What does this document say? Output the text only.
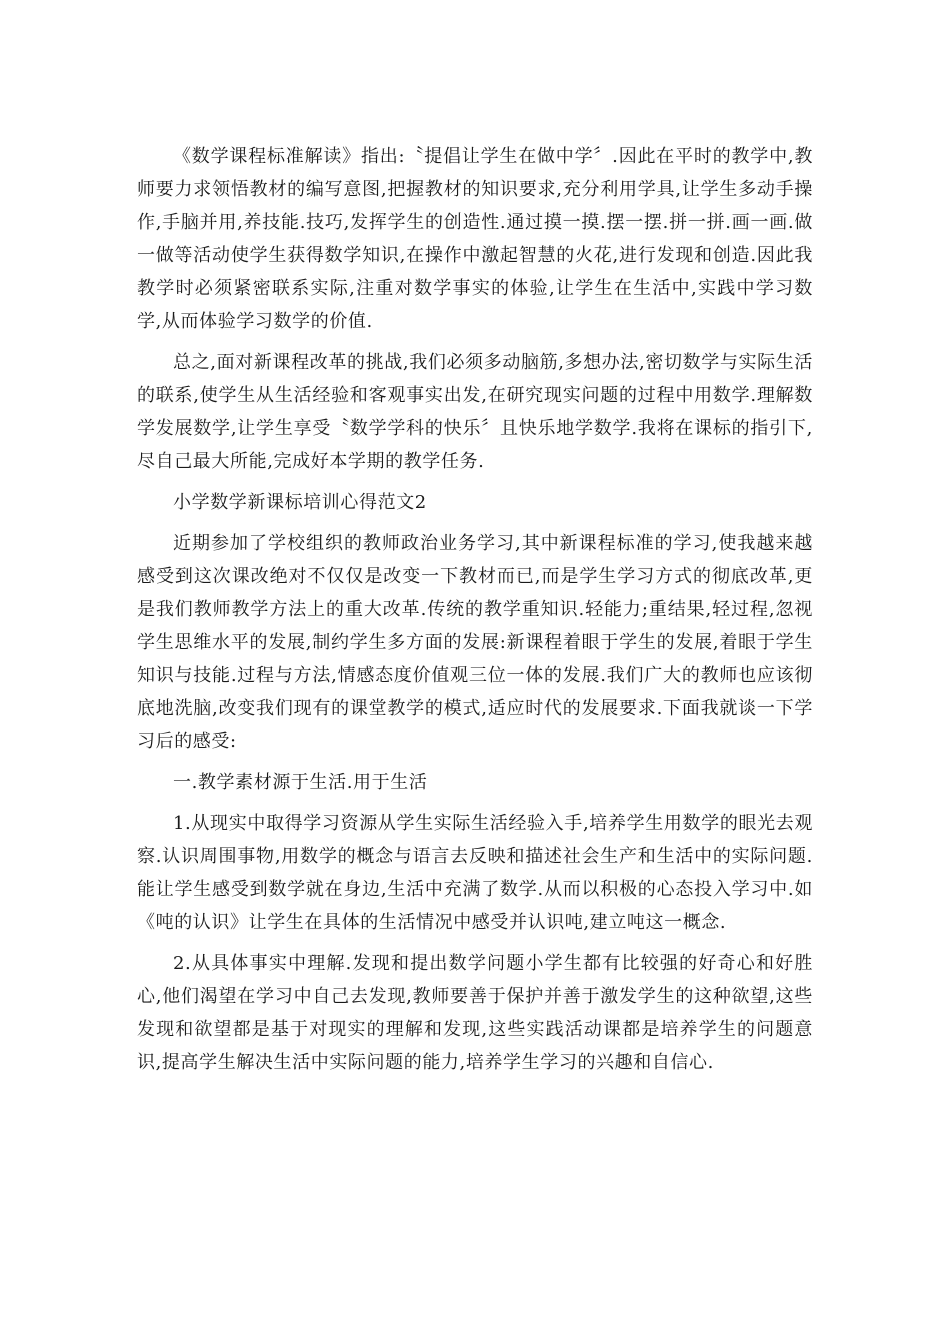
《数学课程标准解读》指出:〝提倡让学生在做中学〞.因此在平时的教学中,教师要力求领悟教材的编写意图,把握教材的知识要求,充分利用学具,让学生多动手操作,手脑并用,养技能.技巧,发挥学生的创造性.通过摸一摸.摆一摆.拼一拼.画一画.做一做等活动使学生获得数学知识,在操作中激起智慧的火花,进行发现和创造.因此我教学时必须紧密联系实际,注重对数学事实的体验,让学生在生活中,实践中学习数学,从而体验学习数学的价值.

总之,面对新课程改革的挑战,我们必须多动脑筋,多想办法,密切数学与实际生活的联系,使学生从生活经验和客观事实出发,在研究现实问题的过程中用数学.理解数学发展数学,让学生享受〝数学学科的快乐〞且快乐地学数学.我将在课标的指引下,尽自己最大所能,完成好本学期的教学任务.

小学数学新课标培训心得范文2

近期参加了学校组织的教师政治业务学习,其中新课程标准的学习,使我越来越感受到这次课改绝对不仅仅是改变一下教材而已,而是学生学习方式的彻底改革,更是我们教师教学方法上的重大改革.传统的教学重知识.轻能力;重结果,轻过程,忽视学生思维水平的发展,制约学生多方面的发展:新课程着眼于学生的发展,着眼于学生知识与技能.过程与方法,情感态度价值观三位一体的发展.我们广大的教师也应该彻底地洗脑,改变我们现有的课堂教学的模式,适应时代的发展要求.下面我就谈一下学习后的感受:

一.教学素材源于生活.用于生活

1.从现实中取得学习资源从学生实际生活经验入手,培养学生用数学的眼光去观察.认识周围事物,用数学的概念与语言去反映和描述社会生产和生活中的实际问题.能让学生感受到数学就在身边,生活中充满了数学.从而以积极的心态投入学习中.如《吨的认识》让学生在具体的生活情况中感受并认识吨,建立吨这一概念.

2.从具体事实中理解.发现和提出数学问题小学生都有比较强的好奇心和好胜心,他们渴望在学习中自己去发现,教师要善于保护并善于激发学生的这种欲望,这些发现和欲望都是基于对现实的理解和发现,这些实践活动课都是培养学生的问题意识,提高学生解决生活中实际问题的能力,培养学生学习的兴趣和自信心.
